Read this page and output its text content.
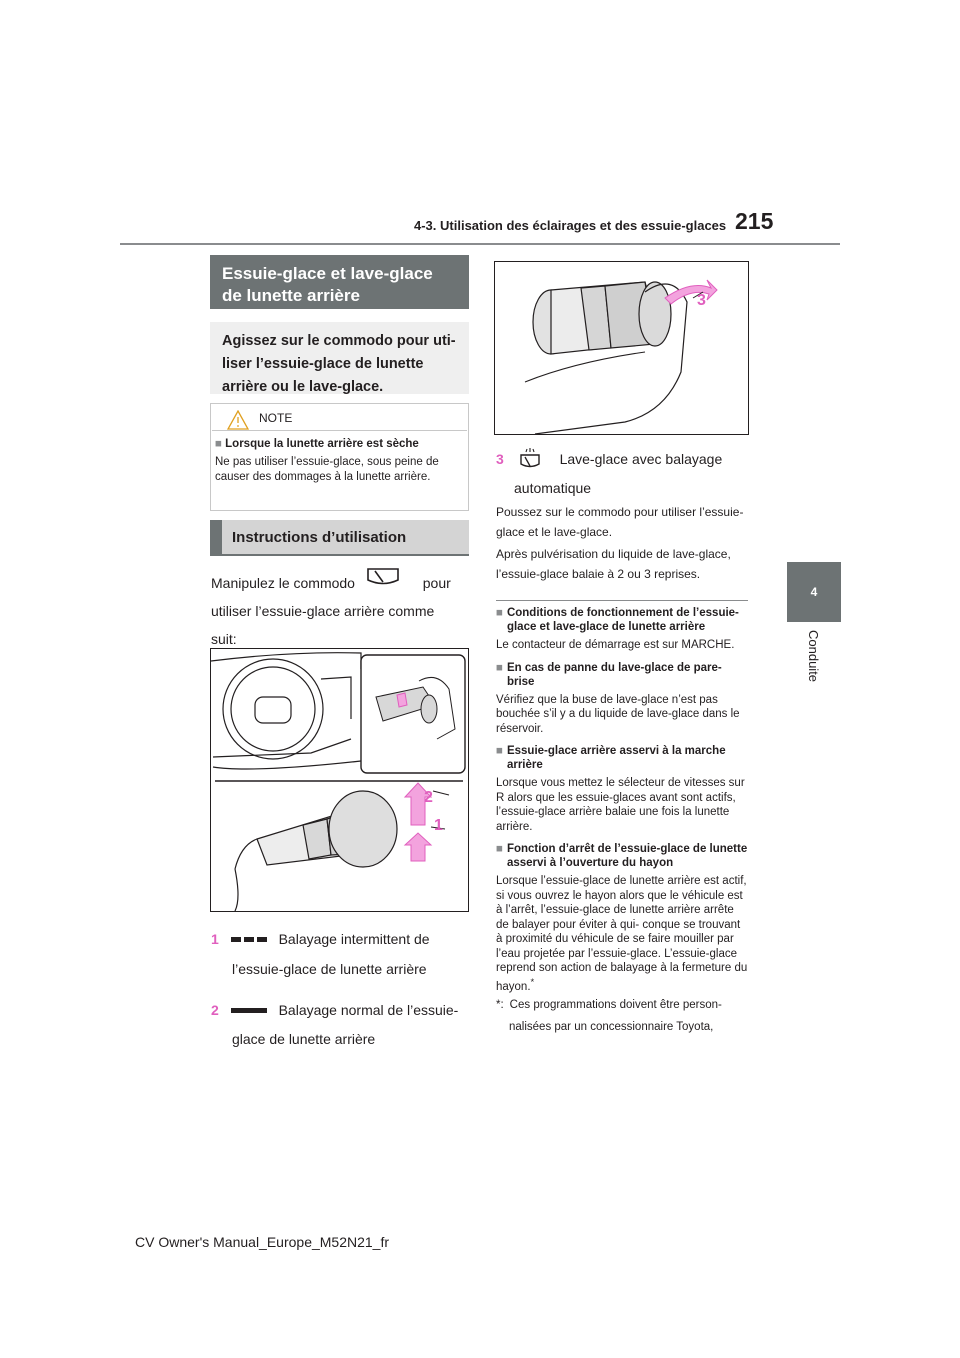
4-3. Utilisation des éclairages et des essuie-glaces 215
4
Conduite
Essuie-glace et lave-glace de lunette arrière
Agissez sur le commodo pour uti- liser l’essuie-glace de lunette arrière ou le lave-glace.
NOTE
■ Lorsque la lunette arrière est sèche
Ne pas utiliser l’essuie-glace, sous peine de causer des dommages à la lunette arrière.
Instructions d’utilisation
Manipulez le commodo	pour
utiliser l’essuie-glace arrière comme
suit:
2
1
1	Balayage intermittent de
l’essuie-glace de lunette arrière
2	Balayage normal de l’essuie-
glace de lunette arrière
3
3	Lave-glace avec balayage
automatique
Poussez sur le commodo pour utiliser l’essuie-glace et le lave-glace.
Après pulvérisation du liquide de lave-glace, l’essuie-glace balaie à 2 ou 3 reprises.
■ Conditions de fonctionnement de l’essuie-glace et lave-glace de lunette arrière
Le contacteur de démarrage est sur MARCHE.
■ En cas de panne du lave-glace de pare-brise
Vérifiez que la buse de lave-glace n’est pas bouchée s’il y a du liquide de lave-glace dans le réservoir.
■ Essuie-glace arrière asservi à la marche arrière
Lorsque vous mettez le sélecteur de vitesses sur R alors que les essuie-glaces avant sont actifs, l’essuie-glace arrière balaie une fois la lunette arrière.
■ Fonction d’arrêt de l’essuie-glace de lunette asservi à l’ouverture du hayon
Lorsque l’essuie-glace de lunette arrière est actif, si vous ouvrez le hayon alors que le véhicule est à l’arrêt, l’essuie-glace de lunette arrière arrête de balayer pour éviter à qui- conque se trouvant à proximité du véhicule de se faire mouiller par l’eau projetée par l’essuie-glace. L’essuie-glace reprend son action de balayage à la fermeture du hayon.*
*: Ces programmations doivent être person-
nalisées par un concessionnaire Toyota,
CV Owner's Manual_Europe_M52N21_fr
